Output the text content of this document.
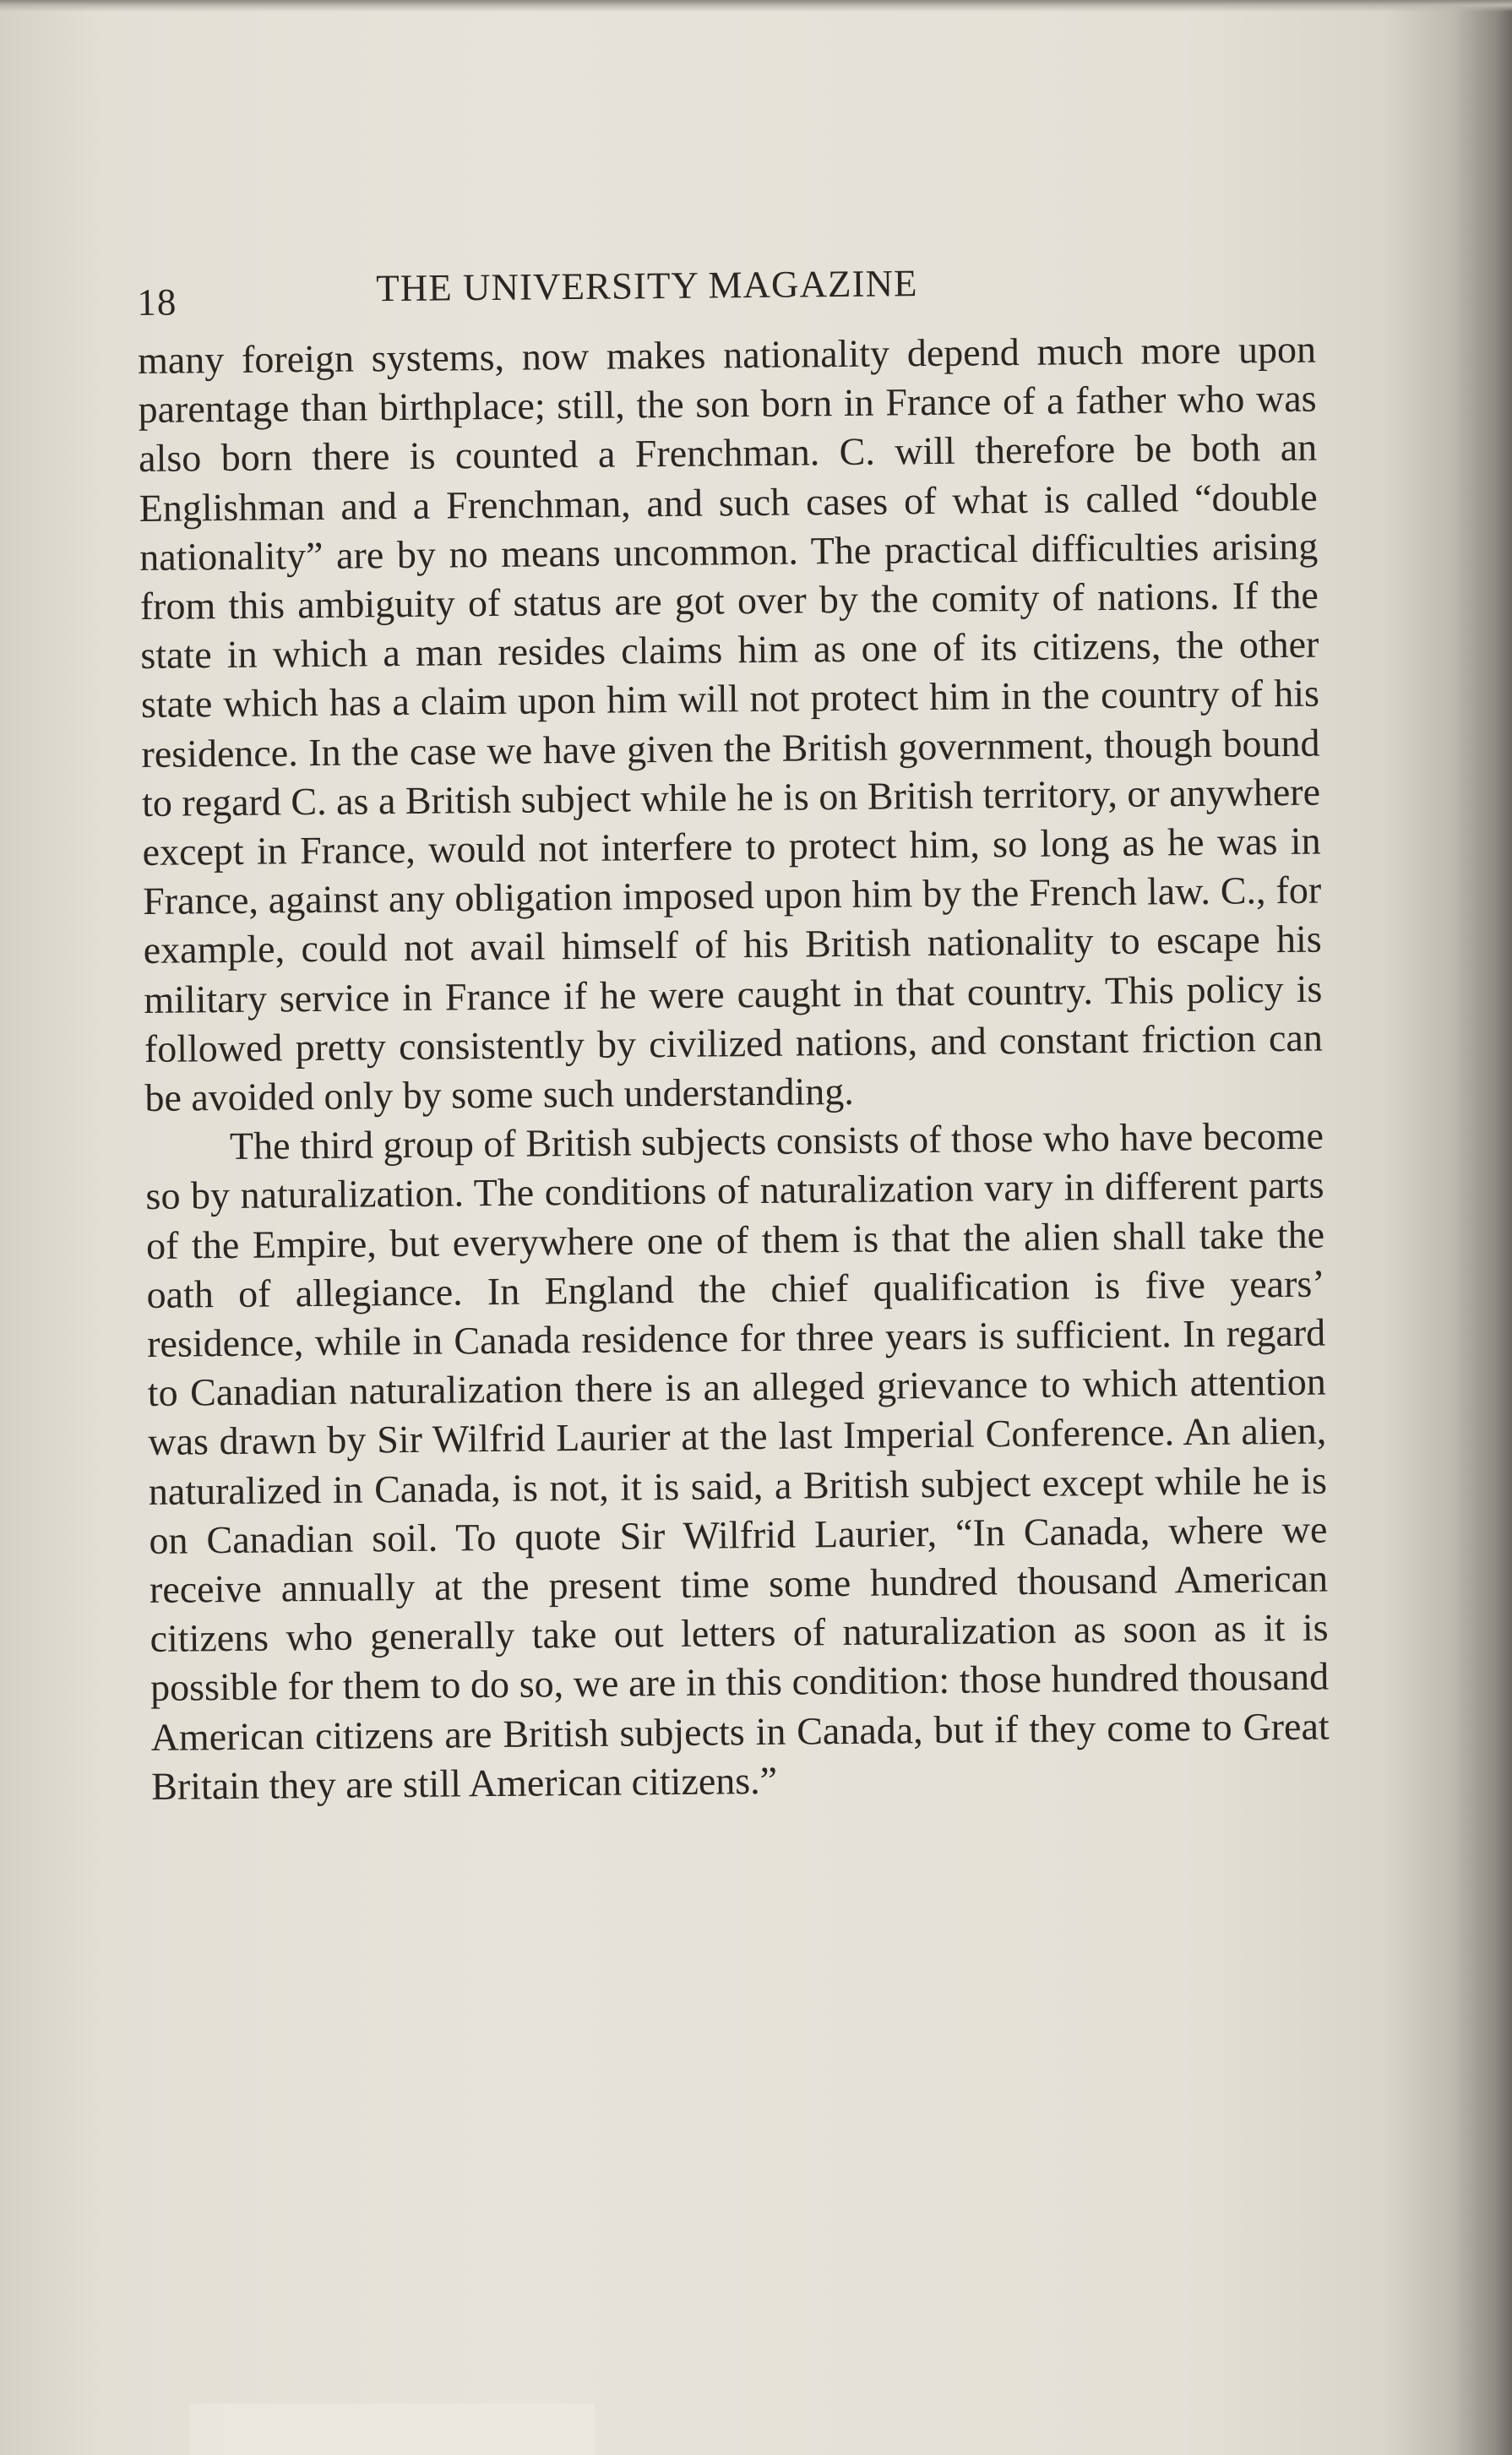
18	THE UNIVERSITY MAGAZINE

many foreign systems, now makes nationality depend much more upon parentage than birthplace; still, the son born in France of a father who was also born there is counted a Frenchman. C. will therefore be both an Englishman and a Frenchman, and such cases of what is called “double nationality” are by no means uncommon. The practical difficulties arising from this ambiguity of status are got over by the comity of nations. If the state in which a man resides claims him as one of its citizens, the other state which has a claim upon him will not protect him in the country of his residence. In the case we have given the British government, though bound to regard C. as a British subject while he is on British territory, or anywhere except in France, would not interfere to protect him, so long as he was in France, against any obligation imposed upon him by the French law. C., for example, could not avail himself of his British nationality to escape his military service in France if he were caught in that country. This policy is followed pretty consistently by civilized nations, and constant friction can be avoided only by some such understanding.

The third group of British subjects consists of those who have become so by naturalization. The conditions of naturalization vary in different parts of the Empire, but everywhere one of them is that the alien shall take the oath of allegiance. In England the chief qualification is five years’ residence, while in Canada residence for three years is sufficient. In regard to Canadian naturalization there is an alleged grievance to which attention was drawn by Sir Wilfrid Laurier at the last Imperial Conference. An alien, naturalized in Canada, is not, it is said, a British subject except while he is on Canadian soil. To quote Sir Wilfrid Laurier, “In Canada, where we receive annually at the present time some hundred thousand American citizens who generally take out letters of naturalization as soon as it is possible for them to do so, we are in this condition: those hundred thousand American citizens are British subjects in Canada, but if they come to Great Britain they are still American citizens.”
